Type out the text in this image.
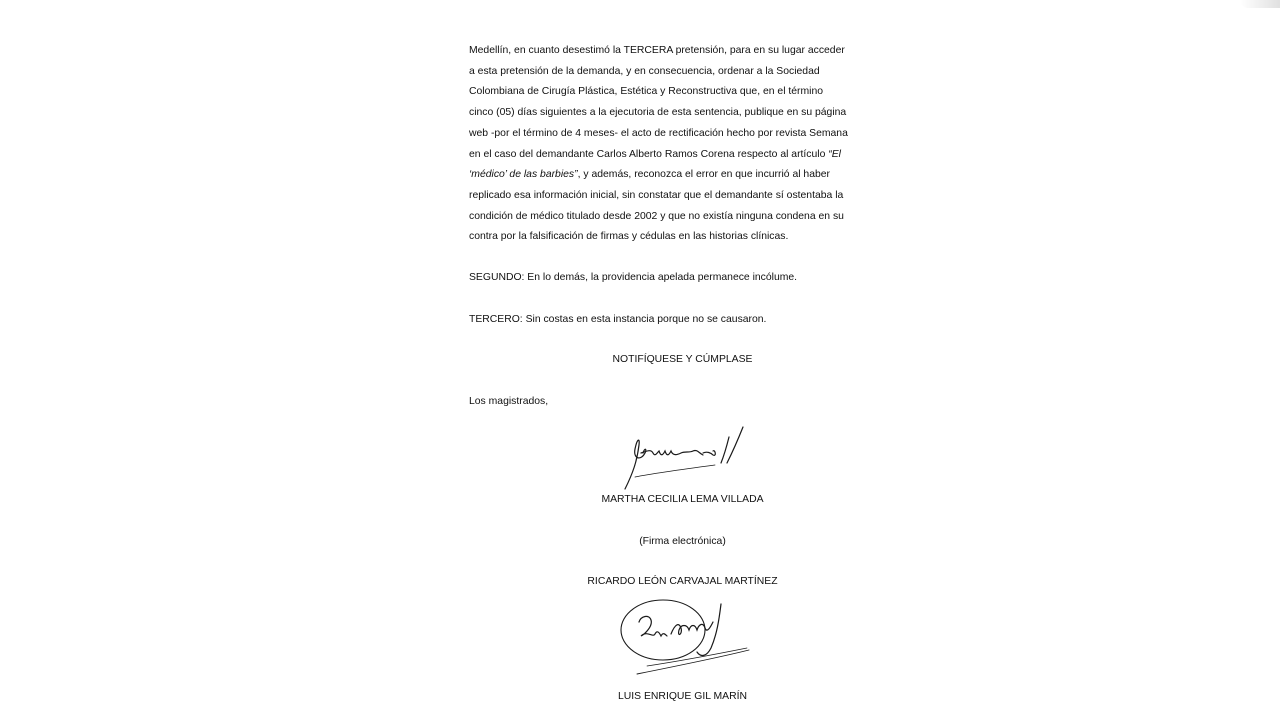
Medellín, en cuanto desestimó la TERCERA pretensión, para en su lugar acceder

a esta pretensión de la demanda, y en consecuencia, ordenar a la Sociedad

Colombiana de Cirugía Plástica, Estética y Reconstructiva que, en el término

cinco (05) días siguientes a la ejecutoria de esta sentencia, publique en su página

web -por el término de 4 meses- el acto de rectificación hecho por revista Semana

en el caso del demandante Carlos Alberto Ramos Corena respecto al artículo “El

‘médico’ de las barbies”, y además, reconozca el error en que incurrió al haber

replicado esa información inicial, sin constatar que el demandante sí ostentaba la

condición de médico titulado desde 2002 y que no existía ninguna condena en su

contra por la falsificación de firmas y cédulas en las historias clínicas.

SEGUNDO: En lo demás, la providencia apelada permanece incólume.

TERCERO: Sin costas en esta instancia porque no se causaron.

NOTIFÍQUESE Y CÚMPLASE

Los magistrados,

MARTHA CECILIA LEMA VILLADA

(Firma electrónica)

RICARDO LEÓN CARVAJAL MARTÍNEZ

LUIS ENRIQUE GIL MARÍN
